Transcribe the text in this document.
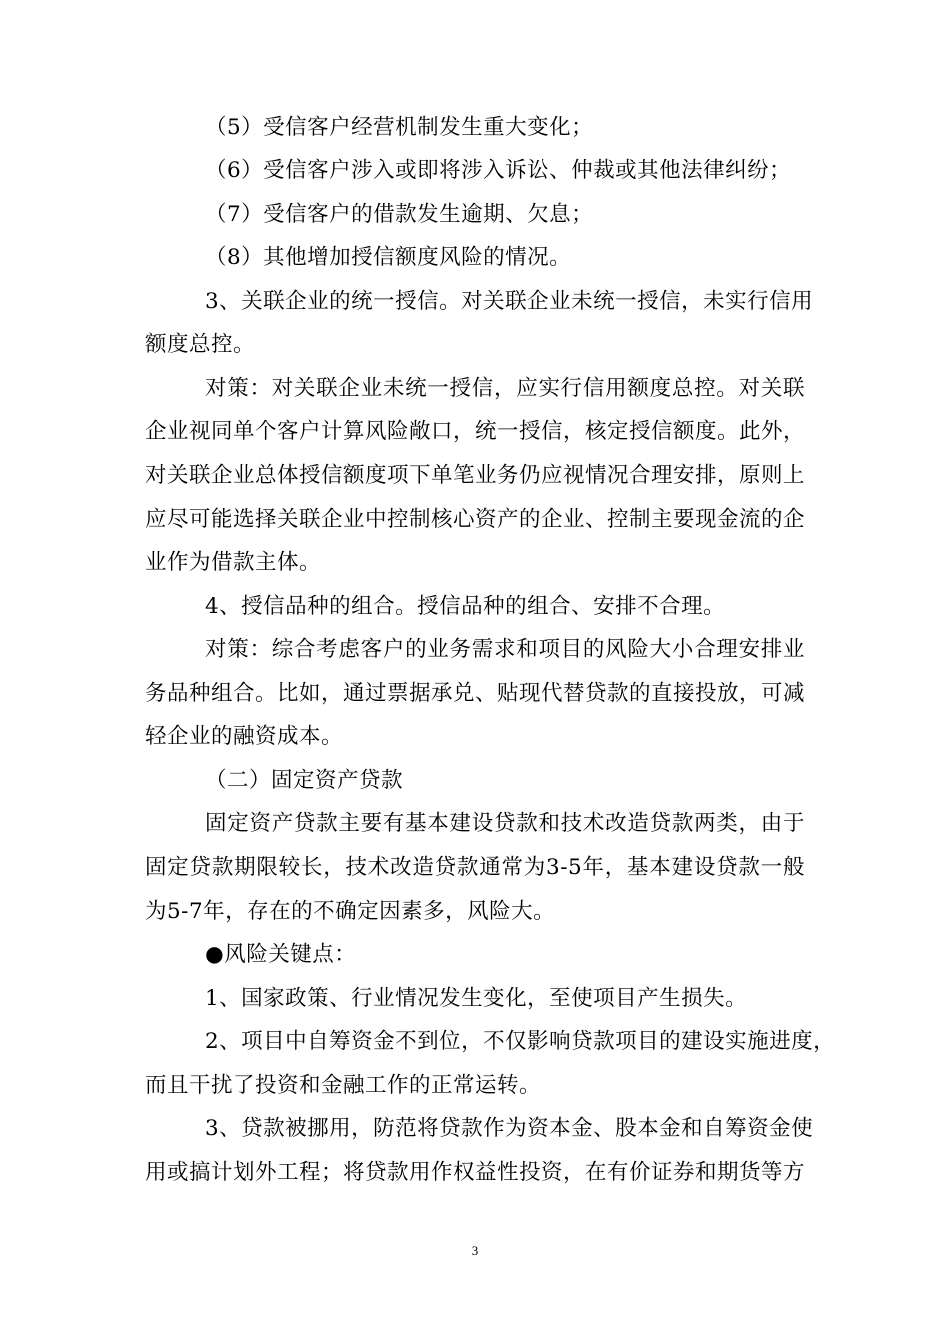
（5）受信客户经营机制发生重大变化；
（6）受信客户涉入或即将涉入诉讼、仲裁或其他法律纠纷；
（7）受信客户的借款发生逾期、欠息；
（8）其他增加授信额度风险的情况。
3、关联企业的统一授信。对关联企业未统一授信，未实行信用
额度总控。
对策：对关联企业未统一授信，应实行信用额度总控。对关联
企业视同单个客户计算风险敞口，统一授信，核定授信额度。此外，
对关联企业总体授信额度项下单笔业务仍应视情况合理安排，原则上
应尽可能选择关联企业中控制核心资产的企业、控制主要现金流的企
业作为借款主体。
4、授信品种的组合。授信品种的组合、安排不合理。
对策：综合考虑客户的业务需求和项目的风险大小合理安排业
务品种组合。比如，通过票据承兑、贴现代替贷款的直接投放，可减
轻企业的融资成本。
（二）固定资产贷款
固定资产贷款主要有基本建设贷款和技术改造贷款两类，由于
固定贷款期限较长，技术改造贷款通常为3-5年，基本建设贷款一般
为5-7年，存在的不确定因素多，风险大。
●风险关键点：
1、国家政策、行业情况发生变化，至使项目产生损失。
2、项目中自筹资金不到位，不仅影响贷款项目的建设实施进度，
而且干扰了投资和金融工作的正常运转。
3、贷款被挪用，防范将贷款作为资本金、股本金和自筹资金使
用或搞计划外工程；将贷款用作权益性投资，在有价证券和期货等方
3
